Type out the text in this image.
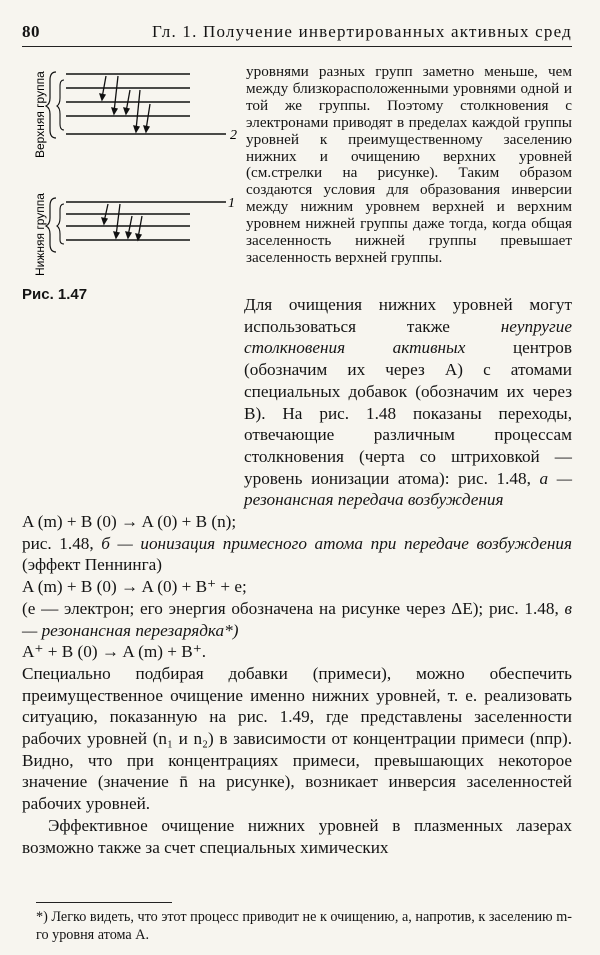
80	Гл. 1. Получение инвертированных активных сред
Верхняя группа
Нижняя группа
2
1
Рис. 1.47
уровнями разных групп заметно меньше, чем между близкорасположенными уровнями одной и той же группы. Поэтому столкновения с электронами приводят в пределах каждой группы уровней к преимущественному заселению нижних и очищению верхних уровней (см.стрелки на рисунке). Таким образом создаются условия для образования инверсии между нижним уровнем верхней и верхним уровнем нижней группы даже тогда, когда общая заселенность нижней группы превышает заселенность верхней группы.

Для очищения нижних уровней могут использоваться также	неупругие столкновения активных	центров (обозначим их через A) с атомами специальных добавок (обозначим их через B). На рис. 1.48 показаны переходы, отвечающие различным процессам столкновения (черта со штриховкой — уровень ионизации атома): рис. 1.48, а — резонансная передача возбуждения

A (m) + B (0) → A (0) + B (n);

рис. 1.48, б — ионизация примесного атома при передаче возбуждения (эффект Пеннинга)

A (m) + B (0) → A (0) + B⁺ + e;

(e — электрон; его энергия обозначена на рисунке через ΔE); рис. 1.48, в — резонансная перезарядка*)

A⁺ + B (0) → A (m) + B⁺.

Специально подбирая добавки (примеси), можно обеспечить преимущественное очищение именно нижних уровней, т. е. реализовать ситуацию, показанную на рис. 1.49, где представлены заселенности рабочих уровней (n₁ и n₂) в зависимости от концентрации примеси (nпр). Видно, что при концентрациях примеси, превышающих некоторое значение (значение n̄ на рисунке), возникает инверсия заселенностей рабочих уровней.

Эффективное очищение нижних уровней в плазменных лазерах возможно также за счет специальных химических

*) Легко видеть, что этот процесс приводит не к очищению, а, напротив, к заселению m-го уровня атома A.
